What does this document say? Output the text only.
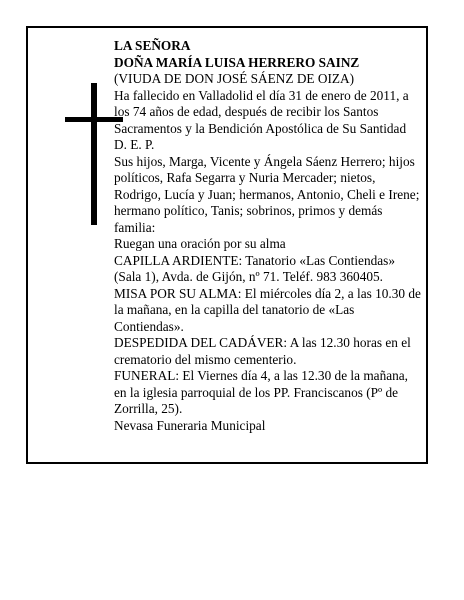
LA SEÑORA

DOÑA MARÍA LUISA HERRERO SAINZ

(VIUDA DE DON JOSÉ SÁENZ DE OIZA)

Ha fallecido en Valladolid el día 31 de enero de 2011, a los 74 años de edad, después de recibir los Santos Sacramentos y la Bendición Apostólica de Su Santidad D. E. P.

Sus hijos, Marga, Vicente y Ángela Sáenz Herrero; hijos políticos, Rafa Segarra y Nuria Mercader; nietos, Rodrigo, Lucía y Juan; hermanos, Antonio, Cheli e Irene; hermano político, Tanis; sobrinos, primos y demás familia:

Ruegan una oración por su alma

CAPILLA ARDIENTE: Tanatorio «Las Contiendas» (Sala 1), Avda. de Gijón, nº 71. Teléf. 983 360405.

MISA POR SU ALMA: El miércoles día 2, a las 10.30 de la mañana, en la capilla del tanatorio de «Las Contiendas».

DESPEDIDA DEL CADÁVER: A las 12.30 horas en el crematorio del mismo cementerio.

FUNERAL: El Viernes día 4, a las 12.30 de la mañana, en la iglesia parroquial de los PP. Franciscanos (Pº de Zorrilla, 25).

Nevasa Funeraria Municipal
